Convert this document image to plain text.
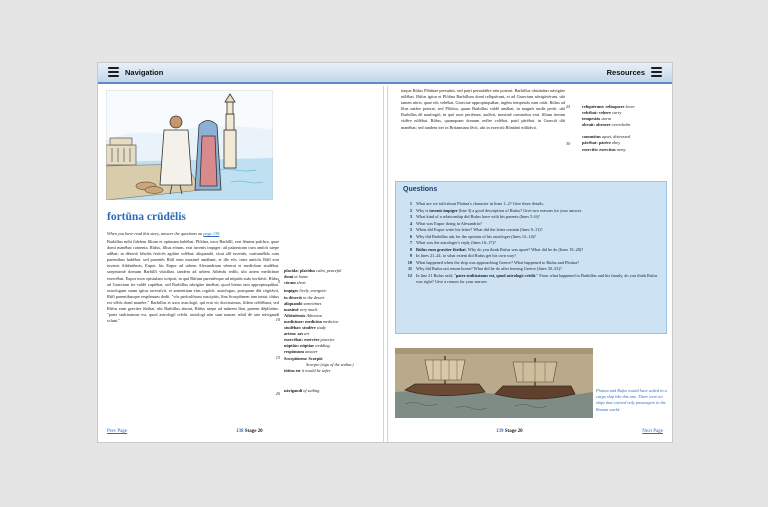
Navigation	Resources
fortūna crūdēlis
When you have read this story, answer the questions on page 139.

Barbillus mihi fidelem fīlium et optimam habēbat. Plōtīna, uxor Barbillī, erat fēmina pulchra, quae domī manēbat contenta. Rūfus, fīlius eōrum, erat iuvenis impiger: ad palaestram cum amīcīs saepe adībat; in dēsertō bēstiās ferōcēs agitāre solēbat; aliquandō, sīcut alīī iuvenēs, contumēliās cum parentibus habēbat. sed parentēs Rūfī eum maximē amābant, et ille eōs. inter amīcōs Rūfī erat iuvenis Athēniēnsis, Eupor. hic Eupor ad urbem Alexandriam vēnerat et medicīnae studēbat. saepissimē domum Barbillī vīsitābat. tandem ad urbem Athēnās redīit, ubi artem medicīnae exercēbat. Eupor mox epistulam scrīpsit, in quā Rūfum parentēsque ad nūptiās suās invītāvit. Rūfus ad Graeciam īre valdē cupiēbat, sed Barbillus nāvigāre timēbat, quod hiems iam appropinquābat. astrologum suum igitur arcessīvit, et sententiam eius rogāvit. astrologus, postquam diū cōgitāvit, Rūfī parentibusque respōnsum dedit. "vōs perīculōsum suscipitis, līna Scorpiōnem iam intrat. tūtius est vōbīs domī manēre." Barbillus et uxor astrologō, quī erat vir doctissimus, fīdem crēdēbant, sed Rūfus eum graviter fūribat. ubi Barbillus aberat, Rūfus saepe ad mātrem ībat, patrem dēplōrāns: "pater stultissimus est, quod astrologō crēdit. astrologī nōn sunt nautae. nihil dē arte nāvigandī scīunt."

5
10
15
20
placida: placidus calm, peaceful
domī at home
cōram short
impiger lively, energetic
in dēsertō in the desert
aliquandō sometimes
maximē very much
Athēniēnsis Athenian
medicīnae: medicīna medicine
studēbat: studēre study
artem: ars art
exercēbat: exercēre practice
nūptiās: nūptiae wedding
respōnsum answer
Scorpiōnem: Scorpiō
Scorpio (sign of the zodiac)
tūtius est it would be safer
nāvigandī of sailing
Prev Page	138 Stage 20

itaque Rūfus Plōtīnae persuāsit, sed patrī persuādēre nōn poterat. Barbillus obstinātus nāvigāre nōlēbat. Rūfus igitur et Plōtīna Barbillum domī relīquērunt, et ad Graeciam nāvigāvērunt. ubi tamen nāvis, quae eōs vehēbat, Graeciae appropinquābat, ingēns tempestās eam ortāt. Rūfus ad lītus natāre poterat, sed Plōtīna, quam Barbillus valdē amābat, in magnīs undīs periit. ubi Barbillus dē naufragiō, in quō uxor periērunt, audīvit, maximē commōtus erat. fīlium iterum vidēre nōlēbat. Rūfus, quamquam domum redīre volēbat, patrī pārēbat. in Graeciā diū manēbat; sed tandem iter in Britanniam fēcit, ubi in exercitū Rōmānō mīlitāvit.

25
30
relīquērunt: relinquere leave
vehēbat: vehere carry
tempestās storm
obruit: obruere overwhelm
commōtus upset, distressed
pārēbat: pārēre obey
exercitū: exercitus army
Questions
1 What are we told about Plotina's character in lines 1–2? Give three details.
2 Why is iuvenis impiger (line 3) a good description of Rufus? Give two reasons for your answer.
3 What kind of a relationship did Rufus have with his parents (lines 5–6)?
4 What was Eupor doing in Alexandria?
5 When did Eupor write his letter? What did the letter contain (lines 9–11)?
6 Why did Barbillus ask for the opinion of his astrologer (lines 12–14)?
7 What was the astrologer's reply (lines 16–17)?
8 Rūfus eum graviter fūribat. Why do you think Rufus was upset? What did he do (lines 19–20)?
9 In lines 21–24, to what extent did Rufus get his own way?
10 What happened when the ship was approaching Greece? What happened to Rufus and Plotina?
11 Why did Rufus not return home? What did he do after leaving Greece (lines 30–33)?
12 In line 21 Rufus said, "pater stultissimus est, quod astrologō crēdit." From what happened to Barbillus and his family, do you think Rufus was right? Give a reason for your answer.
Plotina and Rufus would have sailed in a cargo ship like this one. There were no ships that carried only passengers in the Roman world.
139 Stage 20	Next Page
